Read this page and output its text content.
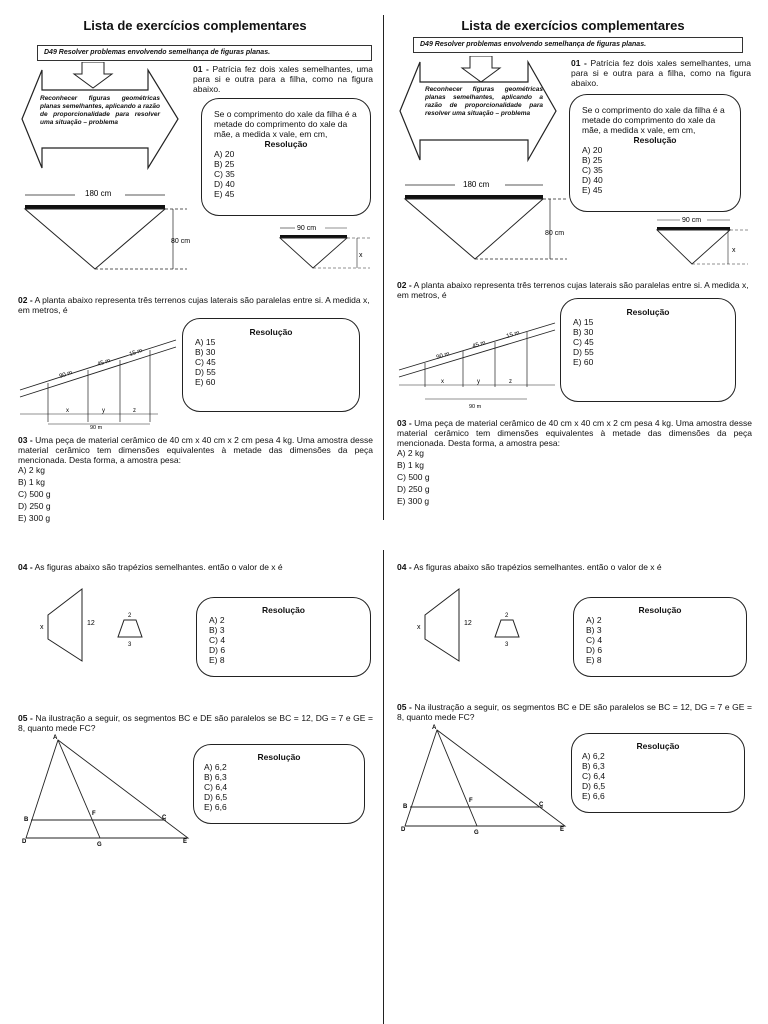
Lista de exercícios complementares
D49 Resolver problemas envolvendo semelhança de figuras planas.
Reconhecer figuras geométricas planas semelhantes, aplicando a razão de proporcionalidade para resolver uma situação – problema
01 - Patrícia fez dois xales semelhantes, uma para si e outra para a filha, como na figura abaixo.
Se o comprimento do xale da filha é a metade do comprimento do xale da mãe, a medida x vale, em cm,
Resolução
A) 20
B) 25
C) 35
D) 40
E) 45
180 cm
80 cm
90 cm
x
02 - A planta abaixo representa três terrenos cujas laterais são paralelas entre si. A medida x, em metros, é
90 m
45 m
15 m
x	y	z
90 m
Resolução
A) 15
B) 30
C) 45
D) 55
E) 60
03 - Uma peça de material cerâmico de 40 cm x 40 cm x 2 cm pesa 4 kg. Uma amostra desse material cerâmico tem dimensões equivalentes à metade das dimensões da peça mencionada. Desta forma, a amostra pesa:
A) 2 kg
B) 1 kg
C) 500 g
D) 250 g
E) 300 g
Lista de exercícios complementares
D49 Resolver problemas envolvendo semelhança de figuras planas.
Reconhecer figuras geométricas planas semelhantes, aplicando a razão de proporcionalidade para resolver uma situação – problema
01 - Patrícia fez dois xales semelhantes, uma para si e outra para a filha, como na figura abaixo.
Se o comprimento do xale da filha é a metade do comprimento do xale da mãe, a medida x vale, em cm,
Resolução
A) 20
B) 25
C) 35
D) 40
E) 45
180 cm
80 cm
90 cm
x
02 - A planta abaixo representa três terrenos cujas laterais são paralelas entre si. A medida x, em metros, é
90 m
45 m
15 m
x	y	z
90 m
Resolução
A) 15
B) 30
C) 45
D) 55
E) 60
03 - Uma peça de material cerâmico de 40 cm x 40 cm x 2 cm pesa 4 kg. Uma amostra desse material cerâmico tem dimensões equivalentes à metade das dimensões da peça mencionada. Desta forma, a amostra pesa:
A) 2 kg
B) 1 kg
C) 500 g
D) 250 g
E) 300 g
04 - As figuras abaixo são trapézios semelhantes. então o valor de x é
x
12
2
3
Resolução
A) 2
B) 3
C) 4
D) 6
E) 8
05 - Na ilustração a seguir, os segmentos BC e DE são paralelos se BC = 12, DG = 7 e GE = 8, quanto mede FC?
A
B	C
D	E
F
G
Resolução
A) 6,2
B) 6,3
C) 6,4
D) 6,5
E) 6,6
04 - As figuras abaixo são trapézios semelhantes. então o valor de x é
x
12
2
3
Resolução
A) 2
B) 3
C) 4
D) 6
E) 8
05 - Na ilustração a seguir, os segmentos BC e DE são paralelos se BC = 12, DG = 7 e GE = 8, quanto mede FC?
A
B	C
D	E
F
G
Resolução
A) 6,2
B) 6,3
C) 6,4
D) 6,5
E) 6,6
